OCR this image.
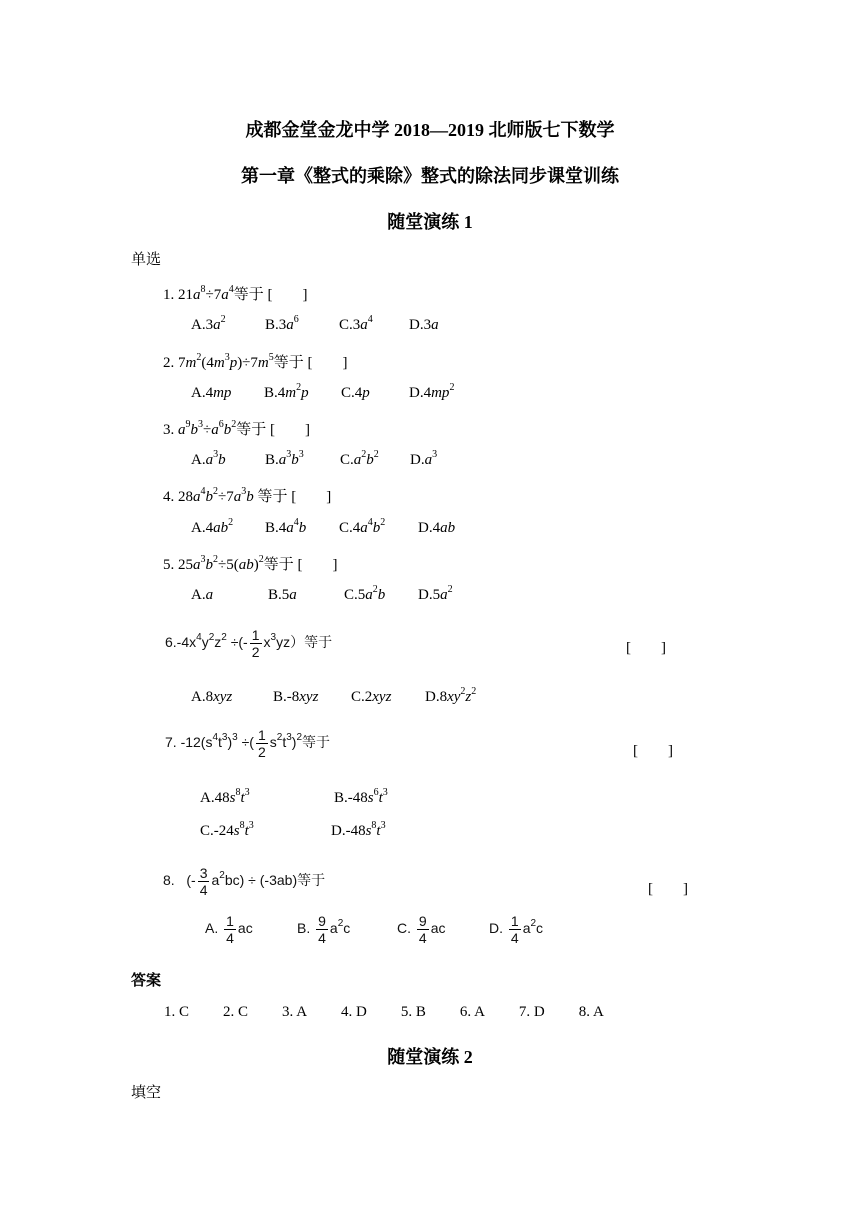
成都金堂金龙中学 2018—2019 北师版七下数学
第一章《整式的乘除》整式的除法同步课堂训练
随堂演练 1
单选
1. $21a^8\div 7a^4$等于 [　　]
$A.3a^2$	$B.3a^6$	$C.3a^4$ D.3a
2. $7m^2(4m^3p)\div 7m^5$等于 [　　]
A.4mp $B.4m^2p$ C.4p	$D.4mp^2$
3. $a^9b^3\div a^6b^2$等于 [　　]
$A.a^3b$	$B.a^3b^3$ $C.a^2b^2$ $D.a^3$
4. $28a^4b^2\div 7a^3b$ 等于 [　　]
$A.4ab^2$ $B.4a^4b$ $C.4a^4b^2$ D.4ab
5. $25a^3b^2\div 5(ab)^2$等于 [　　]
A.a	B.5a	$C.5a^2b$ $D.5a^2$
$6.-4x^4y^2z^2$ ÷(- $\frac{1}{2} x^3yz$）等于	[　　]
A.8xyz	B.-8xyz C.2xyz $D.8xy^2z^2$
7. $-12(s^4t^3)^3$ ÷( $\frac{1}{2} s^2t^3)^2$等于
[　　]
$A.48s^8t^3$	$B.-48s^6t^3$
$C.-24s^8t^3$	$D.-48s^8t^3$
8. (- $\frac{3}{4} a^2bc) \div (-3ab)$等于
[　　]
A. $\frac{1}{4}$ ac	B. $\frac{9}{4} a^2c$	C. $\frac{9}{4}$ ac	D. $\frac{1}{4} a^2c$
答案
1. C 2. C 3. A 4. D 5. B 6. A 7. D 8. A
随堂演练 2
填空
